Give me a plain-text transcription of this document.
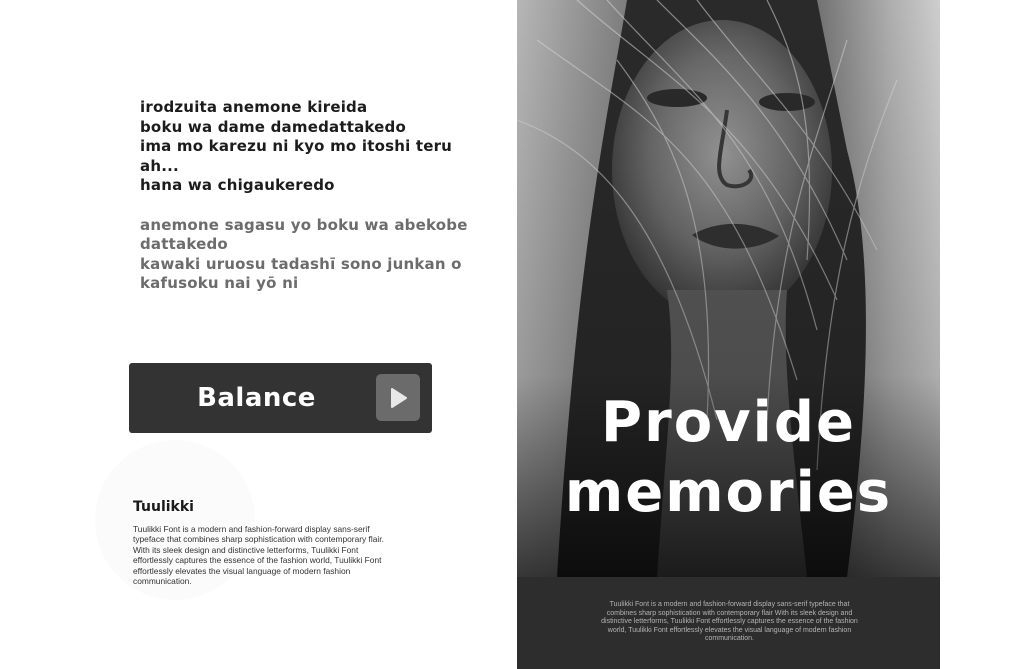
irodzuita anemone kireida
boku wa dame damedattakedo
ima mo karezu ni kyo mo itoshi teru
ah...
hana wa chigaukeredo
anemone sagasu yo boku wa abekobe
dattakedo
kawaki uruosu tadashī sono junkan o
kafusoku nai yō ni
Balance
Tuulikki
Tuulikki Font is a modern and fashion-forward display sans-serif typeface that combines sharp sophistication with contemporary flair. With its sleek design and distinctive letterforms, Tuulikki Font effortlessly captures the essence of the fashion world, Tuulikki Font effortlessly elevates the visual language of modern fashion communication.
Provide
memories
Tuulikki Font is a modern and fashion-forward display sans-serif typeface that combines sharp sophistication with contemporary flair With its sleek design and distinctive letterforms, Tuulikki Font effortlessly captures the essence of the fashion world, Tuulikki Font effortlessly elevates the visual language of modern fashion communication.
